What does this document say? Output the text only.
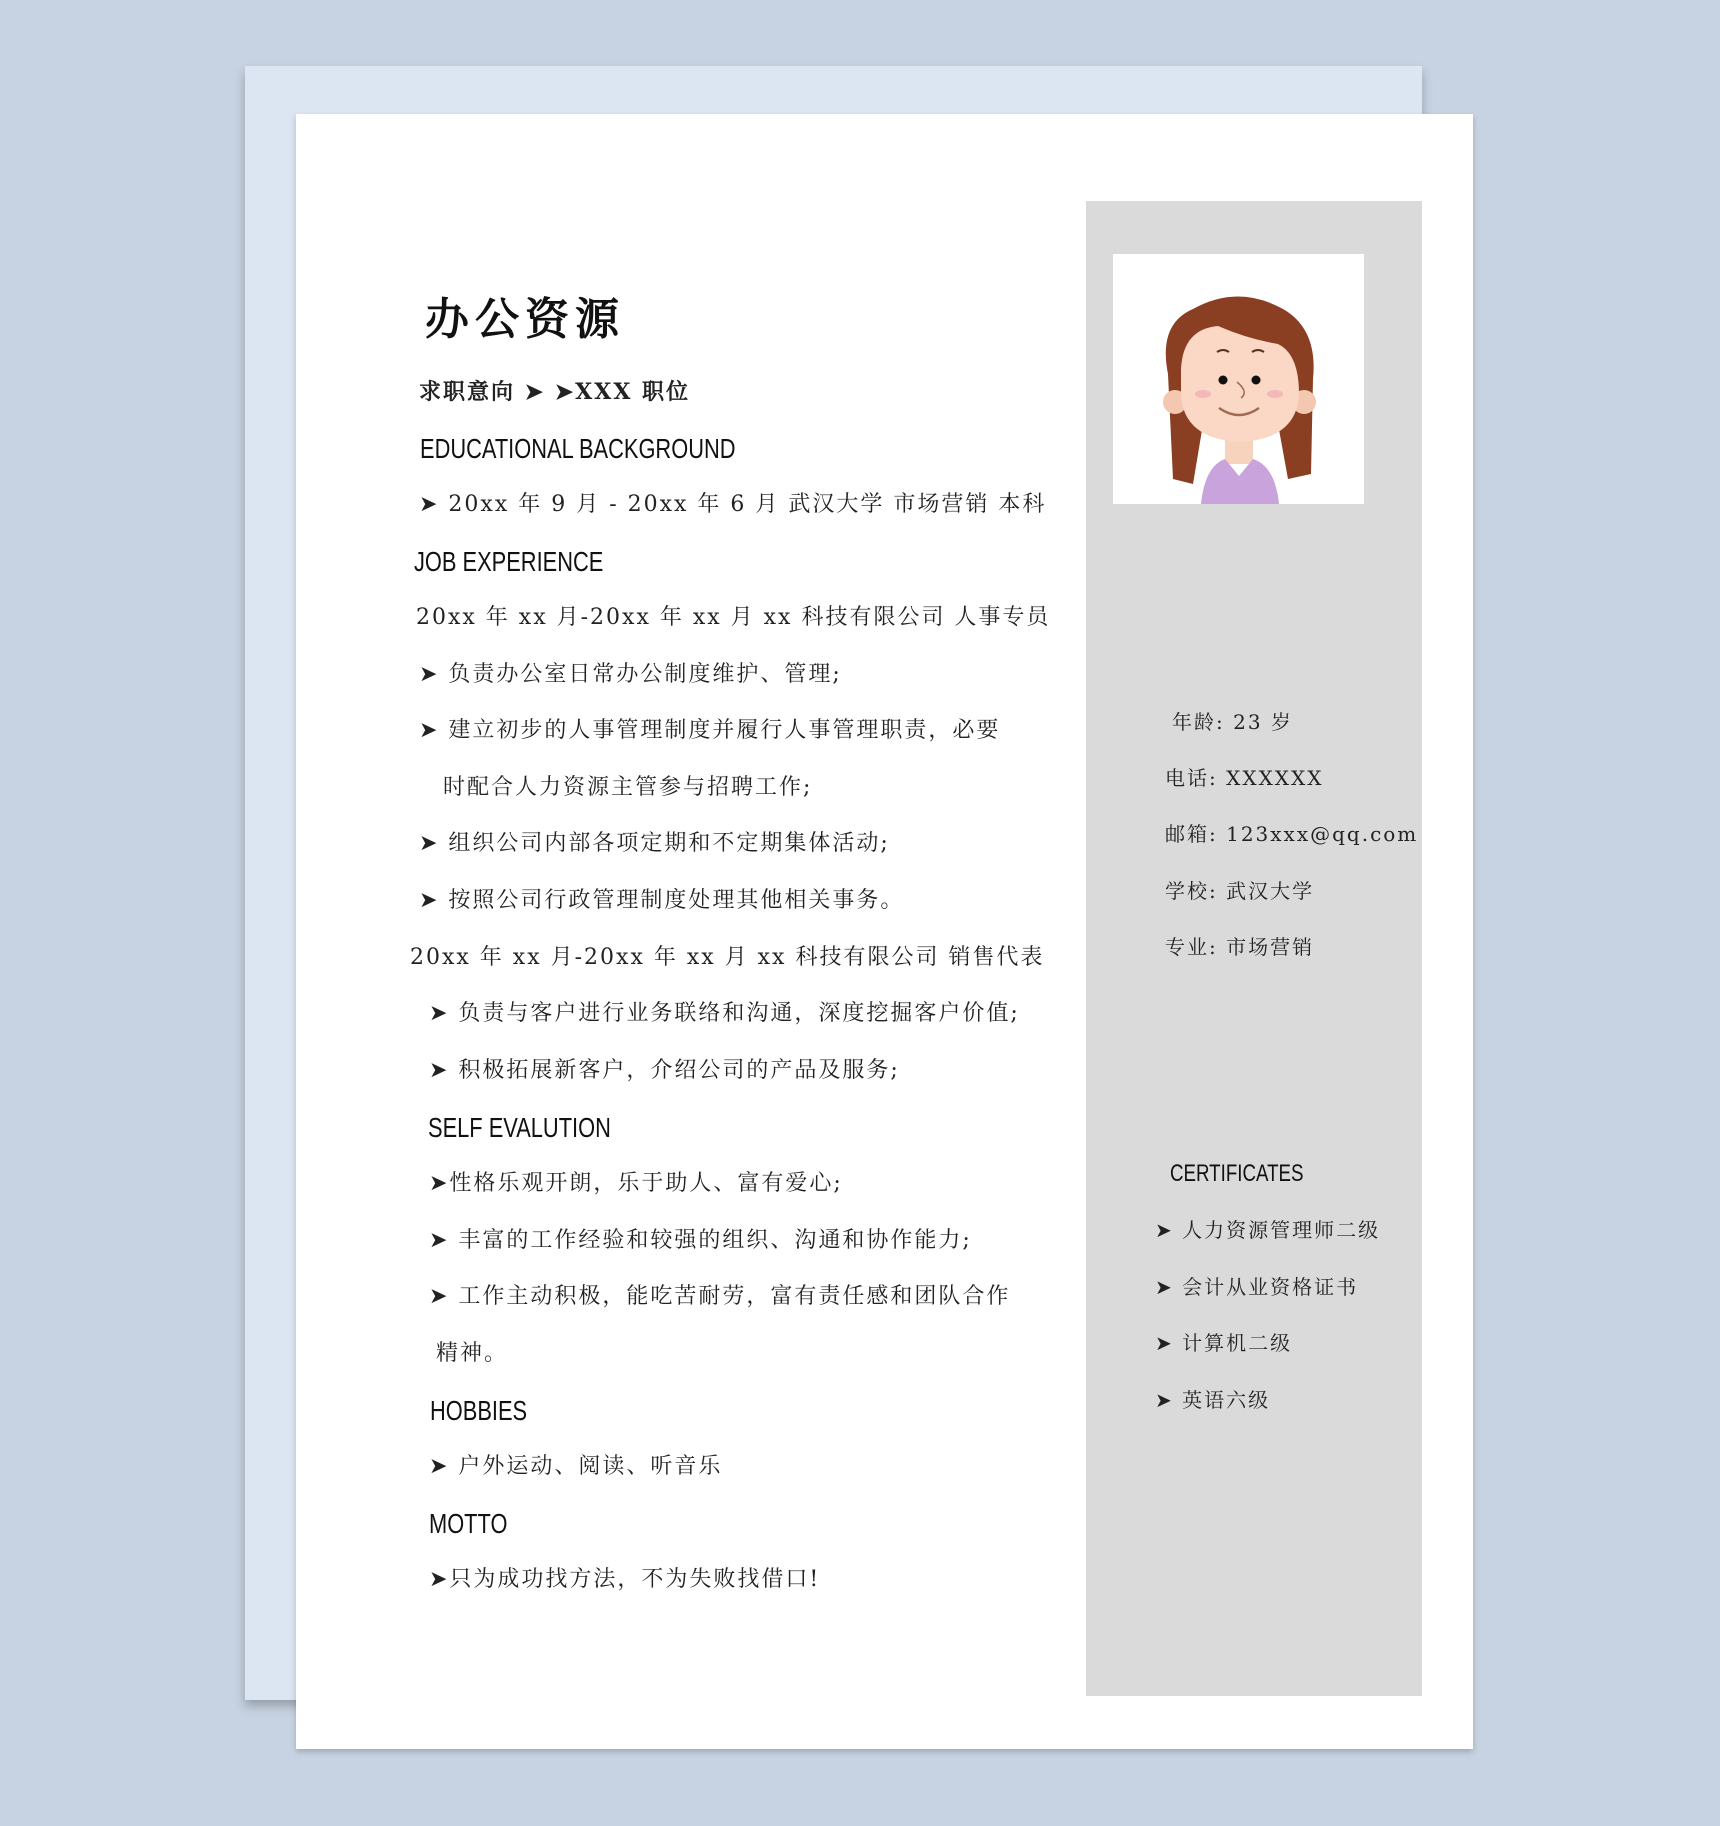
办公资源
求职意向 ➤ ➤XXX 职位
EDUCATIONAL BACKGROUND
➤ 20xx 年 9 月 - 20xx 年 6 月 武汉大学 市场营销 本科
JOB EXPERIENCE
20xx 年 xx 月-20xx 年 xx 月 xx 科技有限公司 人事专员
➤ 负责办公室日常办公制度维护、管理;
➤ 建立初步的人事管理制度并履行人事管理职责，必要
时配合人力资源主管参与招聘工作;
➤ 组织公司内部各项定期和不定期集体活动;
➤ 按照公司行政管理制度处理其他相关事务。
20xx 年 xx 月-20xx 年 xx 月 xx 科技有限公司 销售代表
➤ 负责与客户进行业务联络和沟通，深度挖掘客户价值;
➤ 积极拓展新客户，介绍公司的产品及服务;
SELF EVALUTION
➤性格乐观开朗，乐于助人、富有爱心;
➤ 丰富的工作经验和较强的组织、沟通和协作能力;
➤ 工作主动积极，能吃苦耐劳，富有责任感和团队合作
精神。
HOBBIES
➤ 户外运动、阅读、听音乐
MOTTO
➤只为成功找方法，不为失败找借口!
年龄: 23 岁
电话: XXXXXX
邮箱: 123xxx@qq.com
学校: 武汉大学
专业: 市场营销
CERTIFICATES
➤ 人力资源管理师二级
➤ 会计从业资格证书
➤ 计算机二级
➤ 英语六级
